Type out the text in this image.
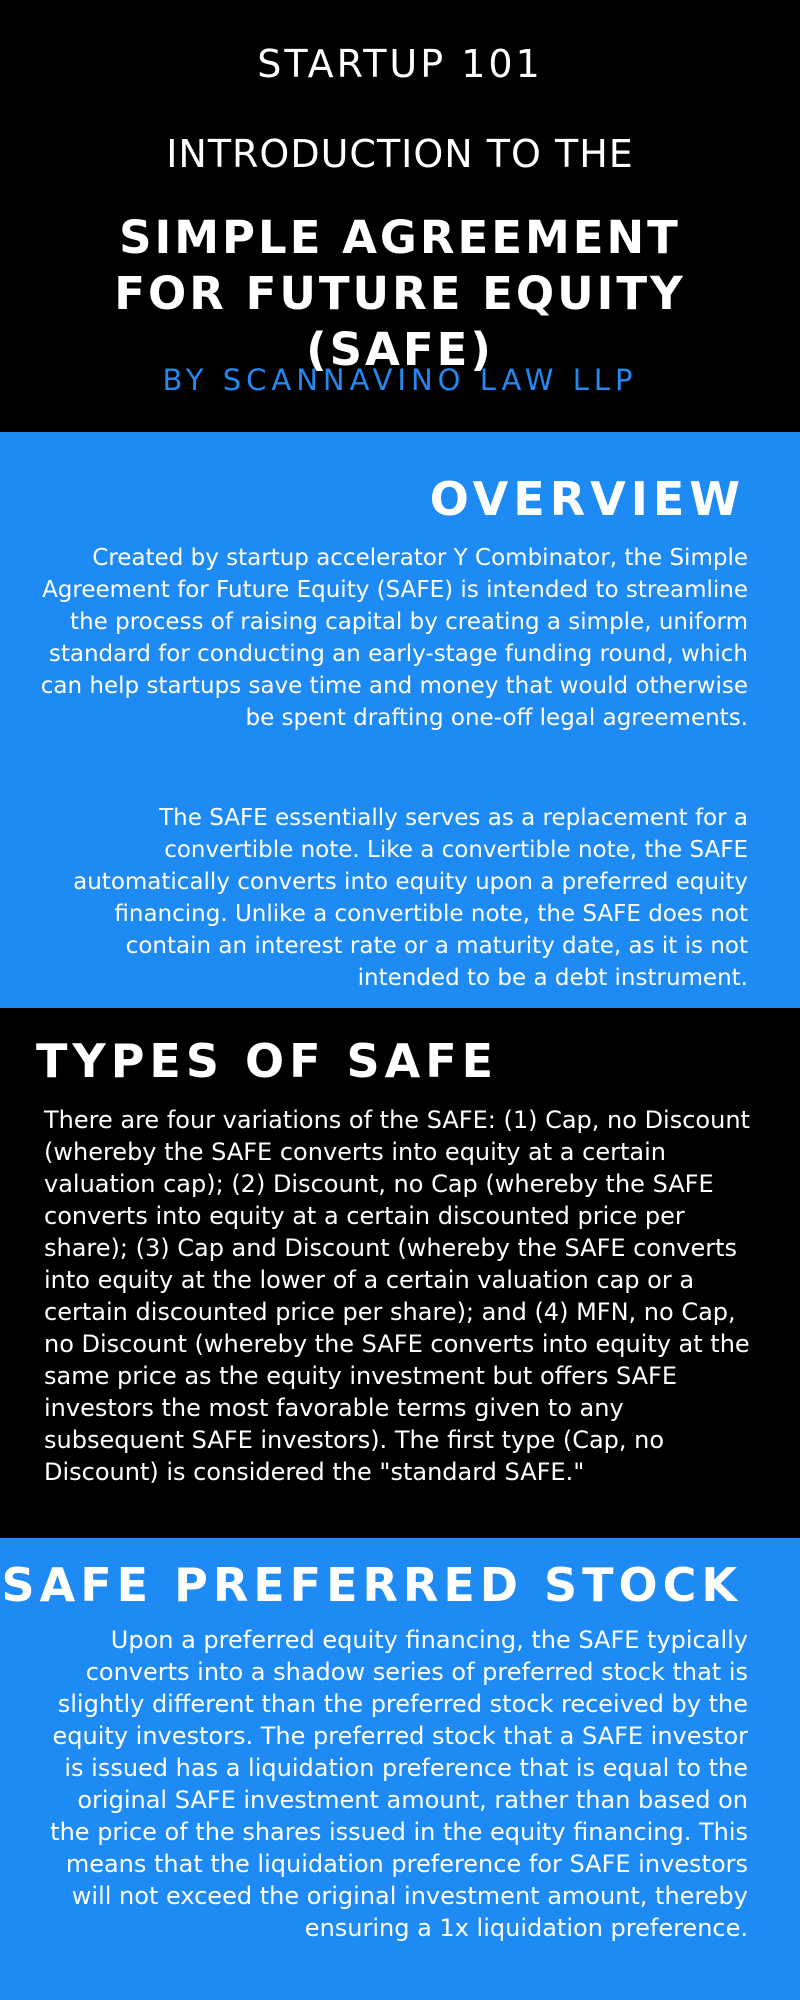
STARTUP 101
INTRODUCTION TO THE
SIMPLE AGREEMENT FOR FUTURE EQUITY (SAFE)
BY SCANNAVINO LAW LLP
OVERVIEW

Created by startup accelerator Y Combinator, the Simple Agreement for Future Equity (SAFE) is intended to streamline the process of raising capital by creating a simple, uniform standard for conducting an early-stage funding round, which can help startups save time and money that would otherwise be spent drafting one-off legal agreements.

The SAFE essentially serves as a replacement for a convertible note. Like a convertible note, the SAFE automatically converts into equity upon a preferred equity financing. Unlike a convertible note, the SAFE does not contain an interest rate or a maturity date, as it is not intended to be a debt instrument.

TYPES OF SAFE

There are four variations of the SAFE: (1) Cap, no Discount (whereby the SAFE converts into equity at a certain valuation cap); (2) Discount, no Cap (whereby the SAFE converts into equity at a certain discounted price per share); (3) Cap and Discount (whereby the SAFE converts into equity at the lower of a certain valuation cap or a certain discounted price per share); and (4) MFN, no Cap, no Discount (whereby the SAFE converts into equity at the same price as the equity investment but offers SAFE investors the most favorable terms given to any subsequent SAFE investors). The first type (Cap, no Discount) is considered the "standard SAFE."

SAFE PREFERRED STOCK

Upon a preferred equity financing, the SAFE typically converts into a shadow series of preferred stock that is slightly different than the preferred stock received by the equity investors. The preferred stock that a SAFE investor is issued has a liquidation preference that is equal to the original SAFE investment amount, rather than based on the price of the shares issued in the equity financing. This means that the liquidation preference for SAFE investors will not exceed the original investment amount, thereby ensuring a 1x liquidation preference.
